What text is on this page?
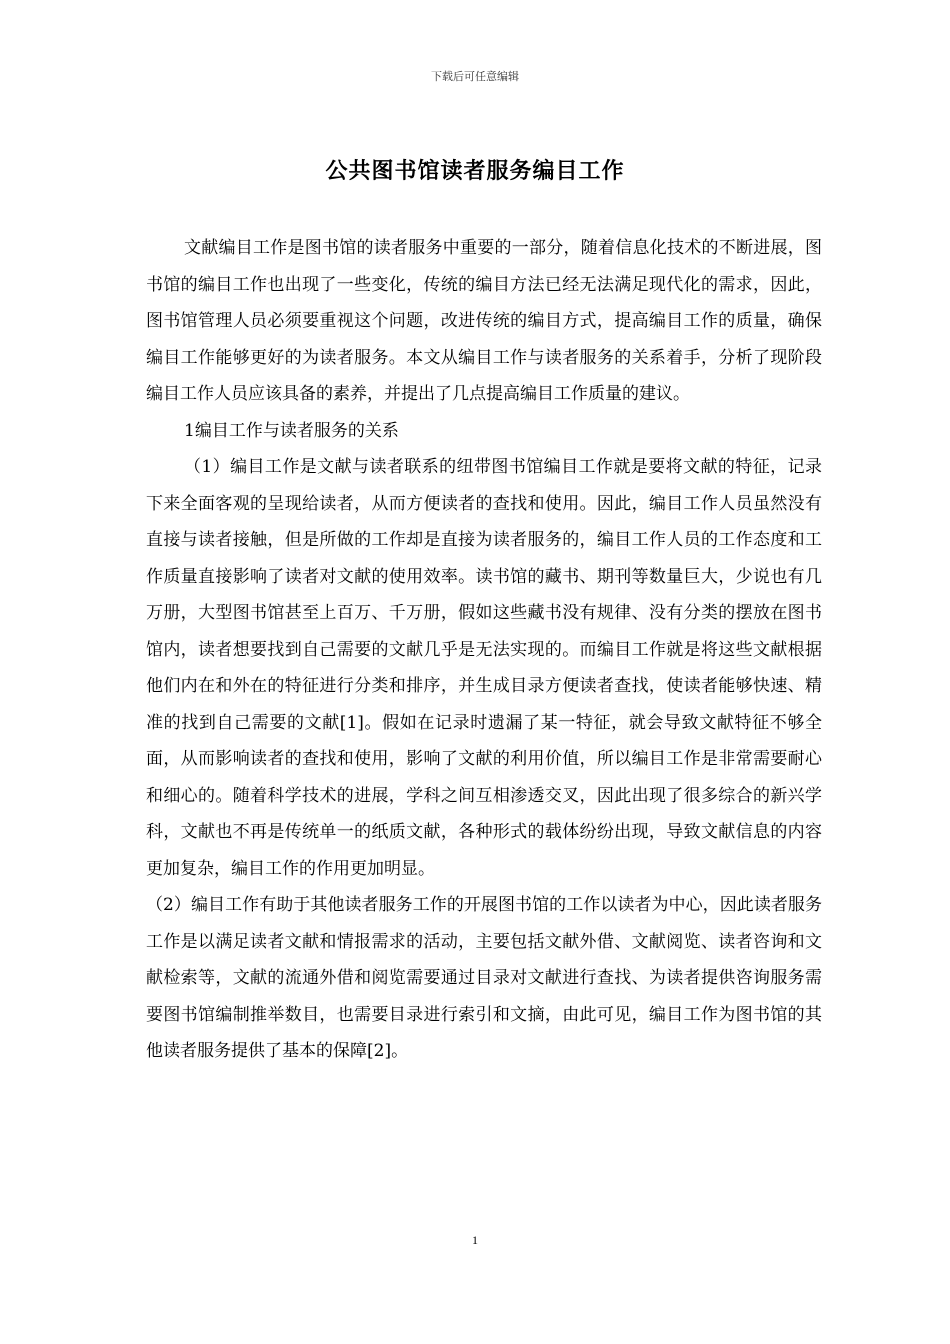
下载后可任意编辑
公共图书馆读者服务编目工作

文献编目工作是图书馆的读者服务中重要的一部分，随着信息化技术的不断进展，图书馆的编目工作也出现了一些变化，传统的编目方法已经无法满足现代化的需求，因此，图书馆管理人员必须要重视这个问题，改进传统的编目方式，提高编目工作的质量，确保编目工作能够更好的为读者服务。本文从编目工作与读者服务的关系着手，分析了现阶段编目工作人员应该具备的素养，并提出了几点提高编目工作质量的建议。

1编目工作与读者服务的关系

（1）编目工作是文献与读者联系的纽带图书馆编目工作就是要将文献的特征，记录下来全面客观的呈现给读者，从而方便读者的查找和使用。因此，编目工作人员虽然没有直接与读者接触，但是所做的工作却是直接为读者服务的，编目工作人员的工作态度和工作质量直接影响了读者对文献的使用效率。读书馆的藏书、期刊等数量巨大，少说也有几万册，大型图书馆甚至上百万、千万册，假如这些藏书没有规律、没有分类的摆放在图书馆内，读者想要找到自己需要的文献几乎是无法实现的。而编目工作就是将这些文献根据他们内在和外在的特征进行分类和排序，并生成目录方便读者查找，使读者能够快速、精准的找到自己需要的文献[1]。假如在记录时遗漏了某一特征，就会导致文献特征不够全面，从而影响读者的查找和使用，影响了文献的利用价值，所以编目工作是非常需要耐心和细心的。随着科学技术的进展，学科之间互相渗透交叉，因此出现了很多综合的新兴学科，文献也不再是传统单一的纸质文献，各种形式的载体纷纷出现，导致文献信息的内容更加复杂，编目工作的作用更加明显。

（2）编目工作有助于其他读者服务工作的开展图书馆的工作以读者为中心，因此读者服务工作是以满足读者文献和情报需求的活动，主要包括文献外借、文献阅览、读者咨询和文献检索等，文献的流通外借和阅览需要通过目录对文献进行查找、为读者提供咨询服务需要图书馆编制推举数目，也需要目录进行索引和文摘，由此可见，编目工作为图书馆的其他读者服务提供了基本的保障[2]。

1
